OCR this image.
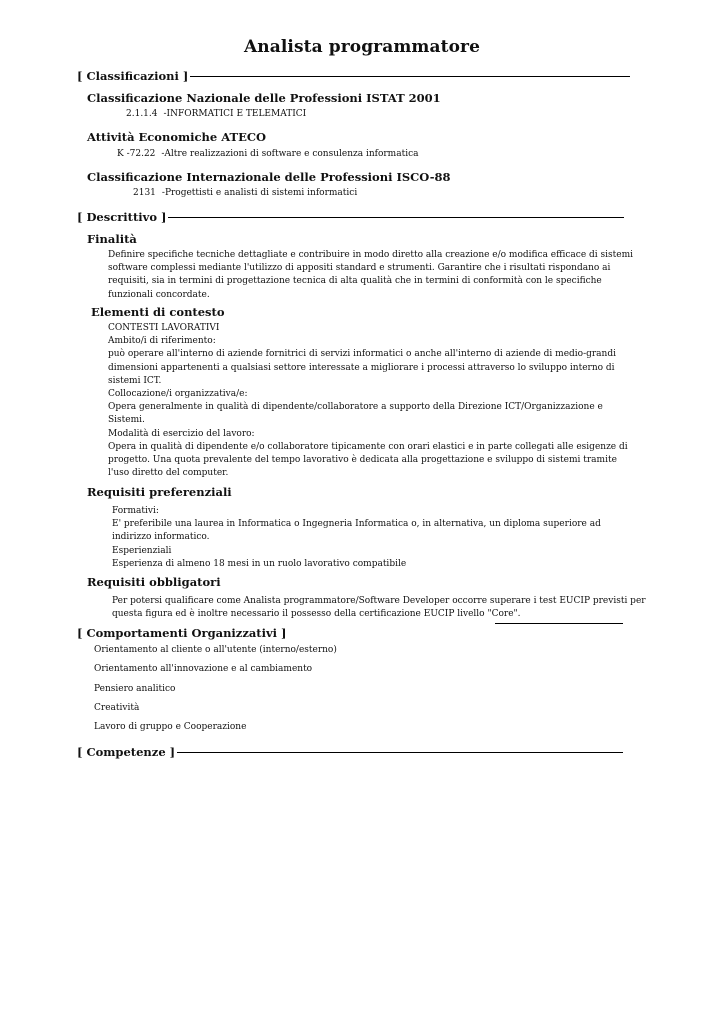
Analista programmatore
[ Classificazioni ]
Classificazione Nazionale delle Professioni ISTAT 2001
2.1.1.4 -INFORMATICI E TELEMATICI
Attività Economiche ATECO
K -72.22 -Altre realizzazioni di software e consulenza informatica
Classificazione Internazionale delle Professioni ISCO-88
2131 -Progettisti e analisti di sistemi informatici
[ Descrittivo ]
Finalità
Definire specifiche tecniche dettagliate e contribuire in modo diretto alla creazione e/o modifica efficace di sistemi
software complessi mediante l'utilizzo di appositi standard e strumenti. Garantire che i risultati rispondano ai
requisiti, sia in termini di progettazione tecnica di alta qualità che in termini di conformità con le specifiche
funzionali concordate.
Elementi di contesto
CONTESTI LAVORATIVI
Ambito/i di riferimento:
può operare all'interno di aziende fornitrici di servizi informatici o anche all'interno di aziende di medio-grandi
dimensioni appartenenti a qualsiasi settore interessate a migliorare i processi attraverso lo sviluppo interno di
sistemi ICT.
Collocazione/i organizzativa/e:
Opera generalmente in qualità di dipendente/collaboratore a supporto della Direzione ICT/Organizzazione e
Sistemi.
Modalità di esercizio del lavoro:
Opera in qualità di dipendente e/o collaboratore tipicamente con orari elastici e in parte collegati alle esigenze di
progetto. Una quota prevalente del tempo lavorativo è dedicata alla progettazione e sviluppo di sistemi tramite
l'uso diretto del computer.
Requisiti preferenziali
Formativi:
E' preferibile una laurea in Informatica o Ingegneria Informatica o, in alternativa, un diploma superiore ad
indirizzo informatico.
Esperienziali
Esperienza di almeno 18 mesi in un ruolo lavorativo compatibile
Requisiti obbligatori
Per potersi qualificare come Analista programmatore/Software Developer occorre superare i test EUCIP previsti per
questa figura ed è inoltre necessario il possesso della certificazione EUCIP livello "Core".
[ Comportamenti Organizzativi ]
Orientamento al cliente o all'utente (interno/esterno)
Orientamento all'innovazione e al cambiamento
Pensiero analitico
Creatività
Lavoro di gruppo e Cooperazione
[ Competenze ]
